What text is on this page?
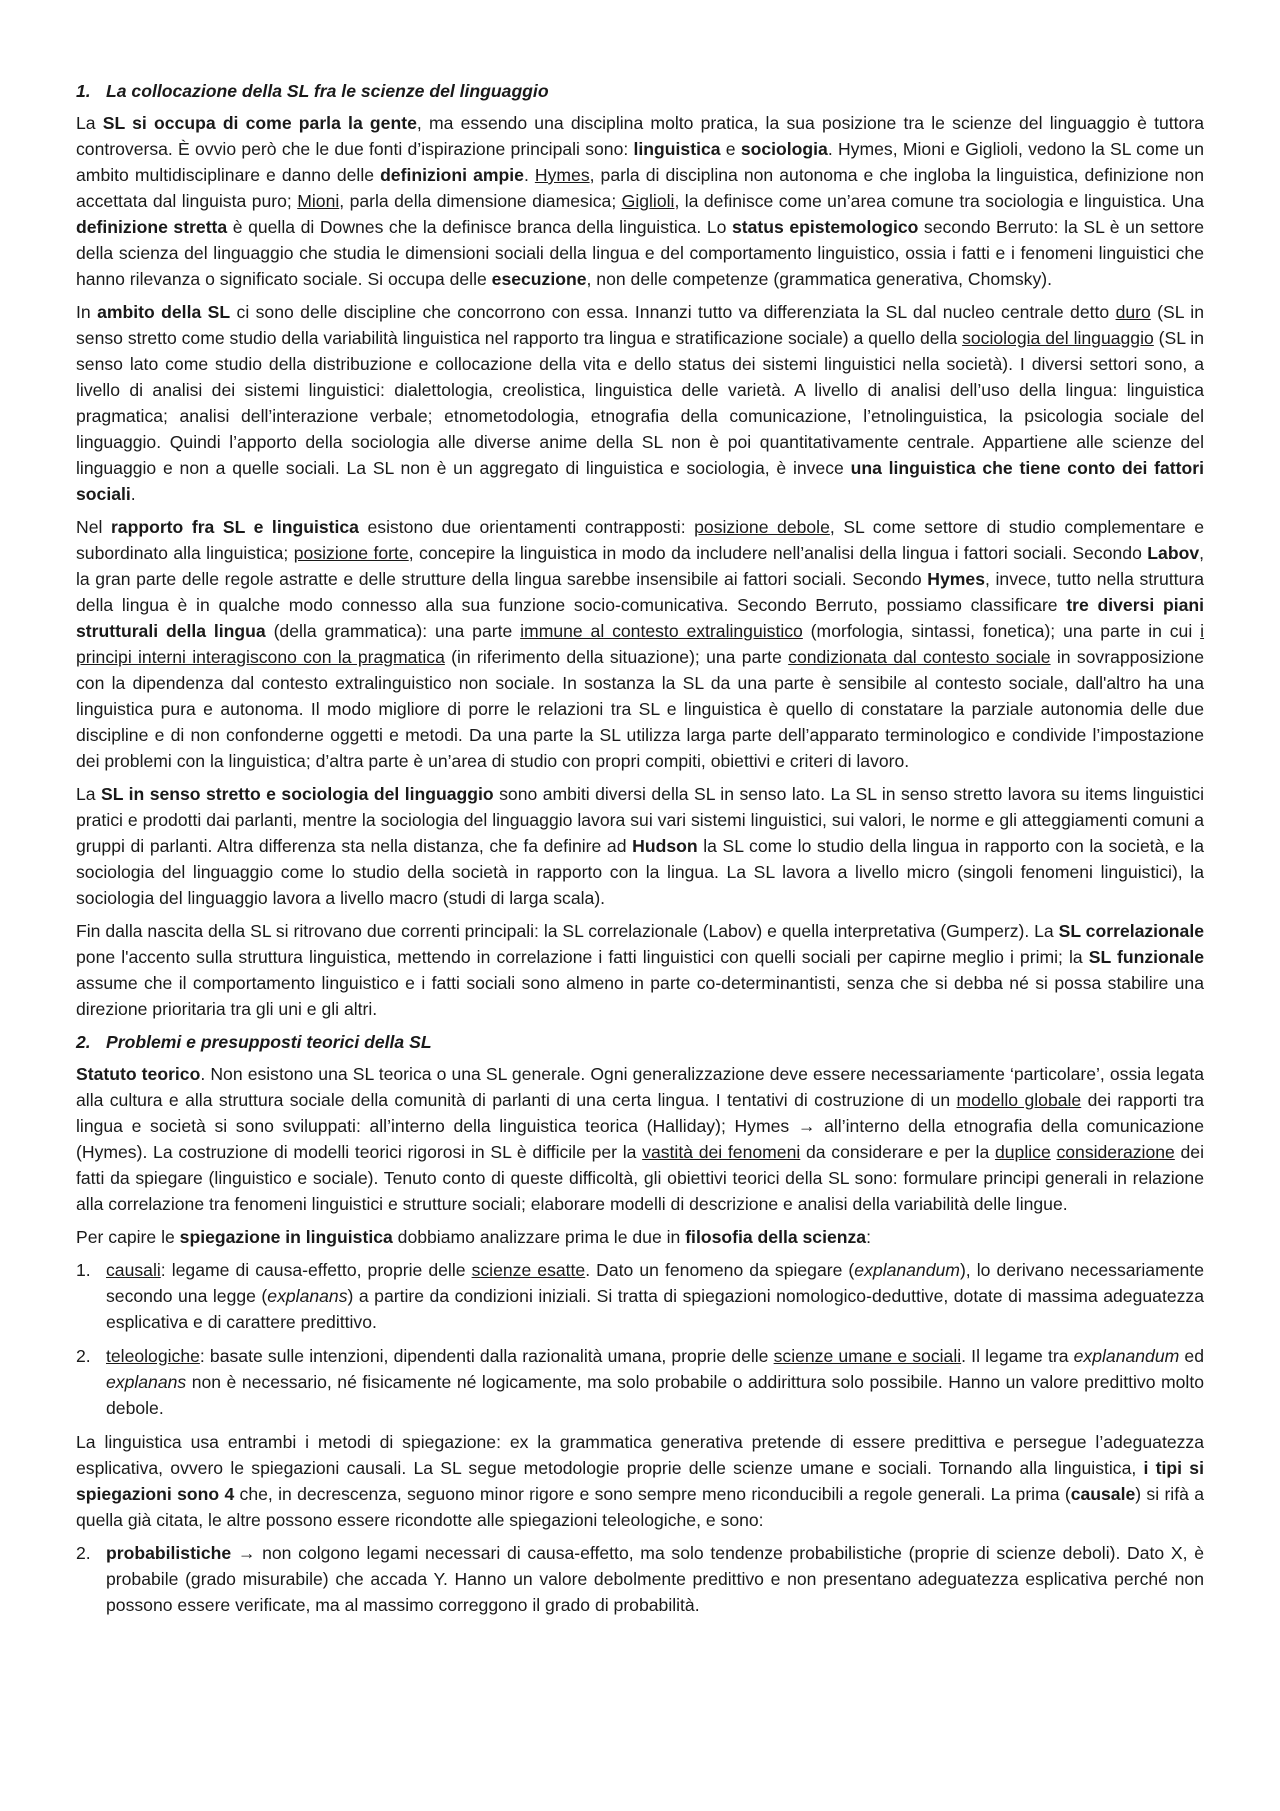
1. La collocazione della SL fra le scienze del linguaggio

La SL si occupa di come parla la gente, ma essendo una disciplina molto pratica, la sua posizione tra le scienze del linguaggio è tuttora controversa. È ovvio però che le due fonti d’ispirazione principali sono: linguistica e sociologia. Hymes, Mioni e Giglioli, vedono la SL come un ambito multidisciplinare e danno delle definizioni ampie. Hymes, parla di disciplina non autonoma e che ingloba la linguistica, definizione non accettata dal linguista puro; Mioni, parla della dimensione diamesica; Giglioli, la definisce come un’area comune tra sociologia e linguistica. Una definizione stretta è quella di Downes che la definisce branca della linguistica. Lo status epistemologico secondo Berruto: la SL è un settore della scienza del linguaggio che studia le dimensioni sociali della lingua e del comportamento linguistico, ossia i fatti e i fenomeni linguistici che hanno rilevanza o significato sociale. Si occupa delle esecuzione, non delle competenze (grammatica generativa, Chomsky).

In ambito della SL ci sono delle discipline che concorrono con essa. Innanzi tutto va differenziata la SL dal nucleo centrale detto duro (SL in senso stretto come studio della variabilità linguistica nel rapporto tra lingua e stratificazione sociale) a quello della sociologia del linguaggio (SL in senso lato come studio della distribuzione e collocazione della vita e dello status dei sistemi linguistici nella società). I diversi settori sono, a livello di analisi dei sistemi linguistici: dialettologia, creolistica, linguistica delle varietà. A livello di analisi dell’uso della lingua: linguistica pragmatica; analisi dell’interazione verbale; etnometodologia, etnografia della comunicazione, l’etnolinguistica, la psicologia sociale del linguaggio. Quindi l’apporto della sociologia alle diverse anime della SL non è poi quantitativamente centrale. Appartiene alle scienze del linguaggio e non a quelle sociali. La SL non è un aggregato di linguistica e sociologia, è invece una linguistica che tiene conto dei fattori sociali.

Nel rapporto fra SL e linguistica esistono due orientamenti contrapposti: posizione debole, SL come settore di studio complementare e subordinato alla linguistica; posizione forte, concepire la linguistica in modo da includere nell’analisi della lingua i fattori sociali. Secondo Labov, la gran parte delle regole astratte e delle strutture della lingua sarebbe insensibile ai fattori sociali. Secondo Hymes, invece, tutto nella struttura della lingua è in qualche modo connesso alla sua funzione socio-comunicativa. Secondo Berruto, possiamo classificare tre diversi piani strutturali della lingua (della grammatica): una parte immune al contesto extralinguistico (morfologia, sintassi, fonetica); una parte in cui i principi interni interagiscono con la pragmatica (in riferimento della situazione); una parte condizionata dal contesto sociale in sovrapposizione con la dipendenza dal contesto extralinguistico non sociale. In sostanza la SL da una parte è sensibile al contesto sociale, dall'altro ha una linguistica pura e autonoma. Il modo migliore di porre le relazioni tra SL e linguistica è quello di constatare la parziale autonomia delle due discipline e di non confonderne oggetti e metodi. Da una parte la SL utilizza larga parte dell’apparato terminologico e condivide l’impostazione dei problemi con la linguistica; d’altra parte è un’area di studio con propri compiti, obiettivi e criteri di lavoro.

La SL in senso stretto e sociologia del linguaggio sono ambiti diversi della SL in senso lato. La SL in senso stretto lavora su items linguistici pratici e prodotti dai parlanti, mentre la sociologia del linguaggio lavora sui vari sistemi linguistici, sui valori, le norme e gli atteggiamenti comuni a gruppi di parlanti. Altra differenza sta nella distanza, che fa definire ad Hudson la SL come lo studio della lingua in rapporto con la società, e la sociologia del linguaggio come lo studio della società in rapporto con la lingua. La SL lavora a livello micro (singoli fenomeni linguistici), la sociologia del linguaggio lavora a livello macro (studi di larga scala).

Fin dalla nascita della SL si ritrovano due correnti principali: la SL correlazionale (Labov) e quella interpretativa (Gumperz). La SL correlazionale pone l'accento sulla struttura linguistica, mettendo in correlazione i fatti linguistici con quelli sociali per capirne meglio i primi; la SL funzionale assume che il comportamento linguistico e i fatti sociali sono almeno in parte co-determinantisti, senza che si debba né si possa stabilire una direzione prioritaria tra gli uni e gli altri.

2. Problemi e presupposti teorici della SL

Statuto teorico. Non esistono una SL teorica o una SL generale. Ogni generalizzazione deve essere necessariamente ‘particolare’, ossia legata alla cultura e alla struttura sociale della comunità di parlanti di una certa lingua. I tentativi di costruzione di un modello globale dei rapporti tra lingua e società si sono sviluppati: all’interno della linguistica teorica (Halliday); Hymes → all’interno della etnografia della comunicazione (Hymes). La costruzione di modelli teorici rigorosi in SL è difficile per la vastità dei fenomeni da considerare e per la duplice considerazione dei fatti da spiegare (linguistico e sociale). Tenuto conto di queste difficoltà, gli obiettivi teorici della SL sono: formulare principi generali in relazione alla correlazione tra fenomeni linguistici e strutture sociali; elaborare modelli di descrizione e analisi della variabilità delle lingue.

Per capire le spiegazione in linguistica dobbiamo analizzare prima le due in filosofia della scienza:

1. causali: legame di causa-effetto, proprie delle scienze esatte. Dato un fenomeno da spiegare (explanandum), lo derivano necessariamente secondo una legge (explanans) a partire da condizioni iniziali. Si tratta di spiegazioni nomologico-deduttive, dotate di massima adeguatezza esplicativa e di carattere predittivo.
2. teleologiche: basate sulle intenzioni, dipendenti dalla razionalità umana, proprie delle scienze umane e sociali. Il legame tra explanandum ed explanans non è necessario, né fisicamente né logicamente, ma solo probabile o addirittura solo possibile. Hanno un valore predittivo molto debole.

La linguistica usa entrambi i metodi di spiegazione: ex la grammatica generativa pretende di essere predittiva e persegue l’adeguatezza esplicativa, ovvero le spiegazioni causali. La SL segue metodologie proprie delle scienze umane e sociali. Tornando alla linguistica, i tipi si spiegazioni sono 4 che, in decrescenza, seguono minor rigore e sono sempre meno riconducibili a regole generali. La prima (causale) si rifà a quella già citata, le altre possono essere ricondotte alle spiegazioni teleologiche, e sono:

2. probabilistiche → non colgono legami necessari di causa-effetto, ma solo tendenze probabilistiche (proprie di scienze deboli). Dato X, è probabile (grado misurabile) che accada Y. Hanno un valore debolmente predittivo e non presentano adeguatezza esplicativa perché non possono essere verificate, ma al massimo correggono il grado di probabilità.
